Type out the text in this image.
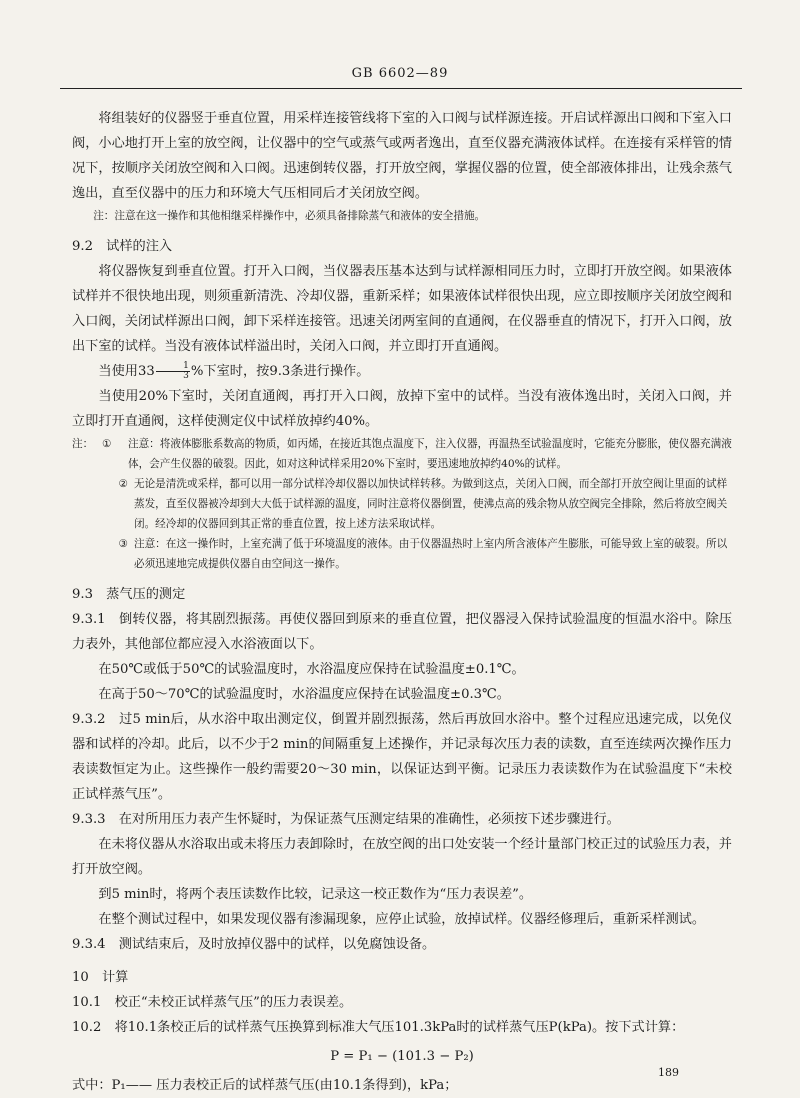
GB 6602—89

将组装好的仪器竖于垂直位置，用采样连接管线将下室的入口阀与试样源连接。开启试样源出口阀和下室入口阀，小心地打开上室的放空阀，让仪器中的空气或蒸气或两者逸出，直至仪器充满液体试样。在连接有采样管的情况下，按顺序关闭放空阀和入口阀。迅速倒转仪器，打开放空阀，掌握仪器的位置，使全部液体排出，让残余蒸气逸出，直至仪器中的压力和环境大气压相同后才关闭放空阀。

注：注意在这一操作和其他相继采样操作中，必须具备排除蒸气和液体的安全措施。

9.2　试样的注入

将仪器恢复到垂直位置。打开入口阀，当仪器表压基本达到与试样源相同压力时，立即打开放空阀。如果液体试样并不很快地出现，则须重新清洗、冷却仪器，重新采样；如果液体试样很快出现，应立即按顺序关闭放空阀和入口阀，关闭试样源出口阀，卸下采样连接管。迅速关闭两室间的直通阀，在仪器垂直的情况下，打开入口阀，放出下室的试样。当没有液体试样溢出时，关闭入口阀，并立即打开直通阀。

当使用$33 \frac{1}{3}$ %下室时，按9.3条进行操作。

当使用20%下室时，关闭直通阀，再打开入口阀，放掉下室中的试样。当没有液体逸出时，关闭入口阀，并立即打开直通阀，这样使测定仪中试样放掉约40%。

注： ①	注意：将液体膨胀系数高的物质，如丙烯，在接近其饱点温度下，注入仪器，再温热至试验温度时，它能充分膨胀，使仪器充满液体，会产生仪器的破裂。因此，如对这种试样采用20%下室时，要迅速地放掉约40%的试样。
② 无论是清洗或采样，都可以用一部分试样冷却仪器以加快试样转移。为做到这点，关闭入口阀，而全部打开放空阀让里面的试样蒸发，直至仪器被冷却到大大低于试样源的温度，同时注意将仪器倒置，使沸点高的残余物从放空阀完全排除，然后将放空阀关闭。经冷却的仪器回到其正常的垂直位置，按上述方法采取试样。
③ 注意：在这一操作时，上室充满了低于环境温度的液体。由于仪器温热时上室内所含液体产生膨胀，可能导致上室的破裂。所以必须迅速地完成提供仪器自由空间这一操作。

9.3　蒸气压的测定

9.3.1　 倒转仪器，将其剧烈振荡。再使仪器回到原来的垂直位置，把仪器浸入保持试验温度的恒温水浴中。除压力表外，其他部位都应浸入水浴液面以下。

在50℃或低于50℃的试验温度时，水浴温度应保持在试验温度±0.1℃。

在高于50～70℃的试验温度时，水浴温度应保持在试验温度±0.3℃。

9.3.2　 过5 min后，从水浴中取出测定仪，倒置并剧烈振荡，然后再放回水浴中。整个过程应迅速完成，以免仪器和试样的冷却。此后，以不少于2 min的间隔重复上述操作，并记录每次压力表的读数，直至连续两次操作压力表读数恒定为止。这些操作一般约需要20～30 min，以保证达到平衡。记录压力表读数作为在试验温度下“未校正试样蒸气压”。

9.3.3　 在对所用压力表产生怀疑时，为保证蒸气压测定结果的准确性，必须按下述步骤进行。

在未将仪器从水浴取出或未将压力表卸除时，在放空阀的出口处安装一个经计量部门校正过的试验压力表，并打开放空阀。

到5 min时，将两个表压读数作比较，记录这一校正数作为“压力表误差”。

在整个测试过程中，如果发现仪器有渗漏现象，应停止试验，放掉试样。仪器经修理后，重新采样测试。

9.3.4　 测试结束后，及时放掉仪器中的试样，以免腐蚀设备。

10　计算

10.1　 校正“未校正试样蒸气压”的压力表误差。

10.2　 将10.1条校正后的试样蒸气压换算到标准大气压101.3kPa时的试样蒸气压P(kPa)。按下式计算：

P = P₁ − (101.3 − P₂)

式中：P₁—— 压力表校正后的试样蒸气压(由10.1条得到)，kPa；

189
